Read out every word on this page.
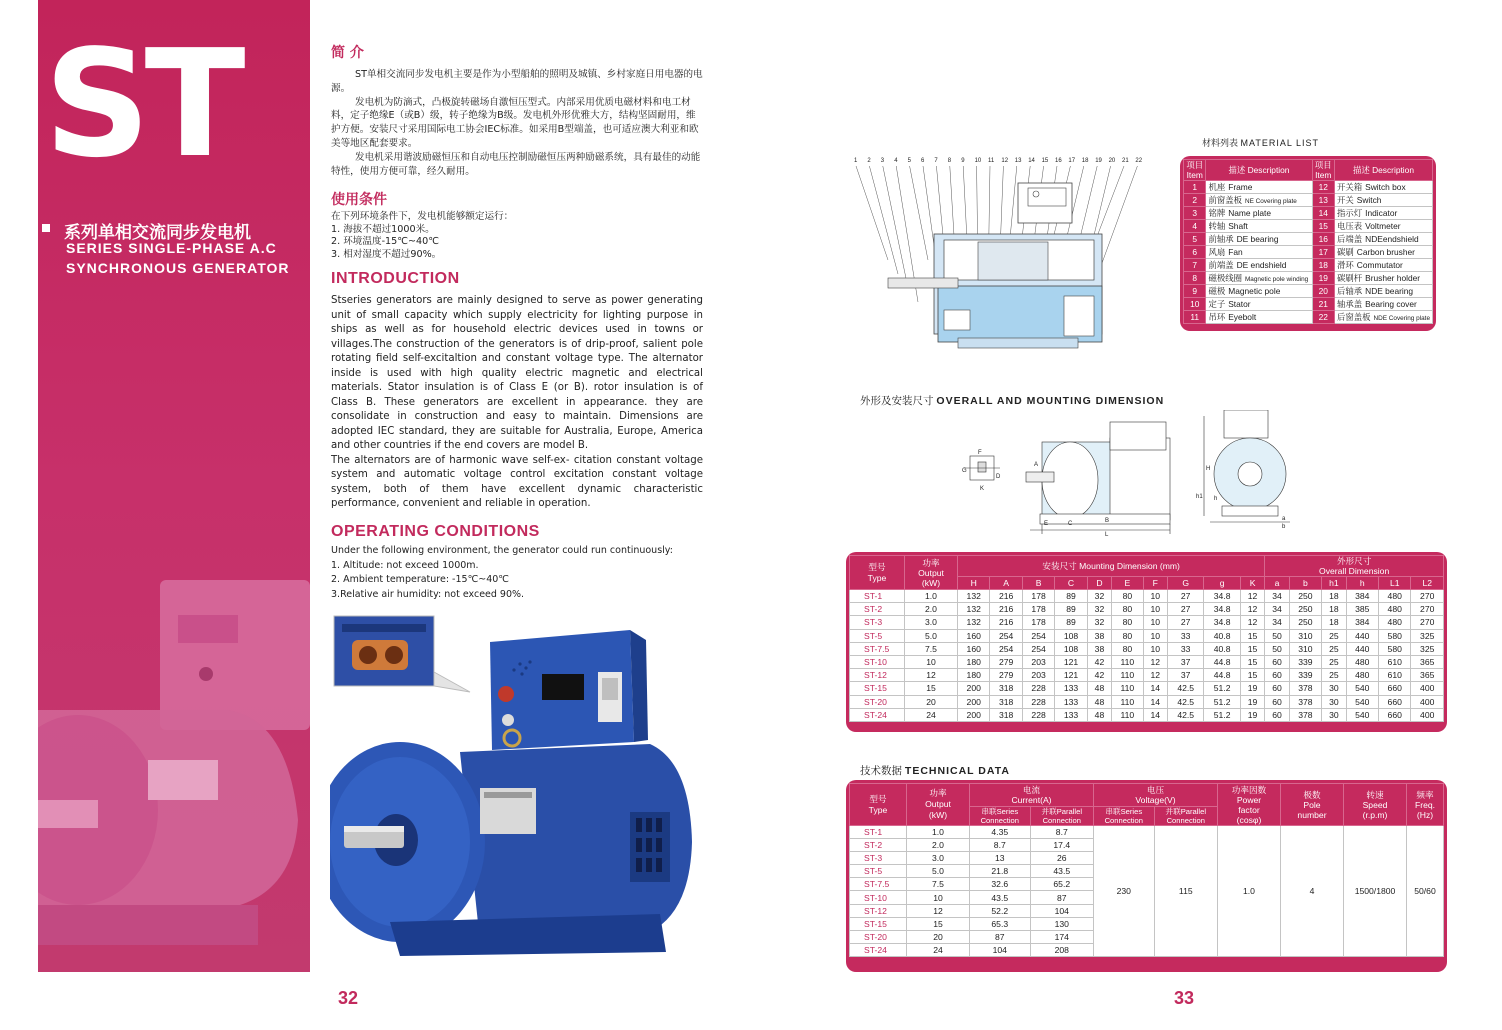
ST
系列单相交流同步发电机
SERIES SINGLE-PHASE A.C
SYNCHRONOUS GENERATOR
简 介

ST单相交流同步发电机主要是作为小型船舶的照明及城镇、乡村家庭日用电器的电源。

发电机为防滴式，凸极旋转磁场自激恒压型式。内部采用优质电磁材料和电工材料，定子绝缘E（或B）级，转子绝缘为B级。发电机外形优雅大方，结构坚固耐用，维护方便。安装尺寸采用国际电工协会IEC标准。如采用B型端盖，也可适应澳大利亚和欧美等地区配套要求。

发电机采用谐波励磁恒压和自动电压控制励磁恒压两种励磁系统，具有最佳的动能特性，使用方便可靠，经久耐用。

使用条件
在下列环境条件下，发电机能够额定运行：
1. 海拔不超过1000米。
2. 环境温度-15℃~40℃
3. 相对湿度不超过90%。
INTRODUCTION

Stseries generators are mainly designed to serve as power generating unit of small capacity which supply electricity for lighting purpose in ships as well as for household electric devices used in towns or villages.The construction of the generators is of drip-proof, salient pole rotating field self-excitaltion and constant voltage type. The alternator inside is used with high quality electric magnetic and electrical materials. Stator insulation is of Class E (or B). rotor insulation is of Class B. These generators are excellent in appearance. they are consolidate in construction and easy to maintain. Dimensions are adopted IEC standard, they are suitable for Australia, Europe, America and other countries if the end covers are model B.

The alternators are of harmonic wave self-ex- citation constant voltage system and automatic voltage control excitation constant voltage system, both of them have excellent dynamic characteristic performance, convenient and reliable in operation.

OPERATING CONDITIONS
Under the following environment, the generator could run continuously:
1. Altitude: not exceed 1000m.
2. Ambient temperature: -15℃~40℃
3.Relative air humidity: not exceed 90%.
32
1 2 3 4 5 6 7 8 9 10 11 12 13 14 15 16 17 18 19 20 21 22
材料列表 MATERIAL LIST
项目
Item	描述 Description	项目
Item	描述 Description
1	机座 Frame	12	开关箱 Switch box
2	前窗盖板 NE Covering plate	13	开关 Switch
3	铭牌 Name plate	14	指示灯 Indicator
4	转轴 Shaft	15	电压表 Voltmeter
5	前轴承 DE bearing	16	后端盖 NDEendshield
6	风扇 Fan	17	碳刷 Carbon brusher
7	前端盖 DE endshield	18	滑环 Commutator
8	磁极线圈 Magnetic pole winding	19	碳刷杆 Brusher holder
9	磁极 Magnetic pole	20	后轴承 NDE bearing
10	定子 Stator	21	轴承盖 Bearing cover
11	吊环 Eyebolt	22	后窗盖板 NDE Covering plate
外形及安装尺寸 OVERALL AND MOUNTING DIMENSION
F
G
K
A
E	C	B
L
H
h
h1
a
b
D
型号
Type	功率
Output
(kW)	安装尺寸 Mounting Dimension (mm)										外形尺寸
Overall Dimension					
		H	A	B	C	D	E	F	G	g	K	a	b	h1	h	L1	L2
ST-1	1.0	132	216	178	89	32	80	10	27	34.8	12	34	250	18	384	480	270
ST-2	2.0	132	216	178	89	32	80	10	27	34.8	12	34	250	18	385	480	270
ST-3	3.0	132	216	178	89	32	80	10	27	34.8	12	34	250	18	384	480	270
ST-5	5.0	160	254	254	108	38	80	10	33	40.8	15	50	310	25	440	580	325
ST-7.5	7.5	160	254	254	108	38	80	10	33	40.8	15	50	310	25	440	580	325
ST-10	10	180	279	203	121	42	110	12	37	44.8	15	60	339	25	480	610	365
ST-12	12	180	279	203	121	42	110	12	37	44.8	15	60	339	25	480	610	365
ST-15	15	200	318	228	133	48	110	14	42.5	51.2	19	60	378	30	540	660	400
ST-20	20	200	318	228	133	48	110	14	42.5	51.2	19	60	378	30	540	660	400
ST-24	24	200	318	228	133	48	110	14	42.5	51.2	19	60	378	30	540	660	400
技术数据 TECHNICAL DATA
型号
Type	功率
Output
(kW)	电流
Current(A)		电压
Voltage(V)		功率因数
Power
factor
(cosφ)	极数
Pole
number	转速
Speed
(r.p.m)	频率
Freq.
(Hz)
		串联Series
Connection	并联Parallel
Connection	串联Series
Connection	并联Parallel
Connection				
ST-1	1.0	4.35	8.7	230	115	1.0	4	1500/1800	50/60
ST-2	2.0	8.7	17.4						
ST-3	3.0	13	26						
ST-5	5.0	21.8	43.5						
ST-7.5	7.5	32.6	65.2						
ST-10	10	43.5	87						
ST-12	12	52.2	104						
ST-15	15	65.3	130						
ST-20	20	87	174						
ST-24	24	104	208						
33
